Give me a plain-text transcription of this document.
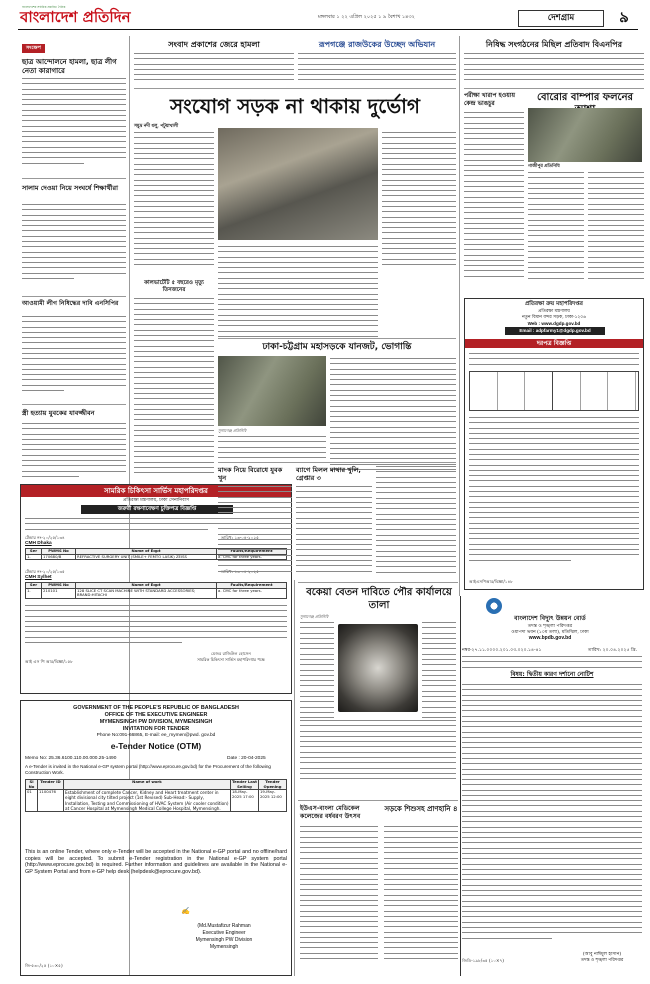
বাংলাদেশের সর্বাধিক প্রচারিত দৈনিক
বাংলাদেশ প্রতিদিন	মঙ্গলবার ১ ২২ এপ্রিল ২০২৫ ১ ৯ বৈশাখ ১৪৩২	দেশগ্রাম	৯
সংক্ষেপ
ছাত্র আন্দোলনে হামলা, ছাত্র লীগ নেতা কারাগারে
সালাম দেওয়া নিয়ে সংঘর্ষে শিক্ষার্থীরা
আওয়ামী লীগ নিষিদ্ধের দাবি এনসিপির
স্ত্রী হত্যায় যুবকের যাবজ্জীবন
সামরিক চিকিৎসা সার্ভিস মহাপরিদপ্তর
প্রতিরক্ষা মন্ত্রণালয়, ঢাকা সেনানিবাস
জরুরী রক্ষণাবেক্ষণ চুক্তিপত্র বিজ্ঞপ্তি
টেন্ডার নং-২০/২৫/১৩৪	তারিখ: ১৩-০৪-২০২৫
CMH Dhaka
Ser	PWMS No	Name of Eqpt	Faults/Requirement
1.	170680/B	REFRACTIVE SURGERY UNIT (SMILE+ FEMTO LASIK) ZEISS	a. CMC for three years.
টেন্ডার নং-২০/২৫/১৩৫	তারিখ: ১৩-০৪-২০২৫
CMH Sylhet
Ser	PWMS No	Name of Eqpt	Faults/Requirement
1.	210101	128 SLICE CT SCAN MACHINE WITH STANDARD ACCESSORIES; BRAND:HITACHI	a. CMC for three years.
মেজর রাজিউল হোসেন
সামরিক চিকিৎসা সার্ভিস মহাপরিদপ্তর পক্ষে
আই এস পি আর/বিজ্ঞা/১৫৮
GOVERNMENT OF THE PEOPLE'S REPUBLIC OF BANGLADESH
OFFICE OF THE EXECUTIVE ENGINEER
MYMENSINGH PW DIVISION, MYMENSINGH
INVITATION FOR TENDER
Phone No:091-66865, E-mail: ee_mymen@pwd. gov.bd
e-Tender Notice (OTM)
Memo No: 25.36.6100.110.00.000.25-1490	Date : 20-04-2025
A e-Tender is invited in the National e-GP system portal (http://www.eprocure.gov.bd) for the Procurement of the following Construction Work.
Sl No	Tender ID	Name of work	Tender Last Selling	Tender Opening
01	1100476	Establishment of complete Cancer, Kidney and Heart treatment center in eight divisional city tilted project (1st Revised) Sub-Head:- Supply, Installation, Testing and Commissioning of HVAC System (Air cooler condition) at Cancer Hospital at Mymensingh Medical College Hospital, Mymensingh.	18-May-2025 17:00	19-May-2025 12:00
This is an online Tender, where only e-Tender will be accepted in the National e-GP portal and no offline/hard copies will be accepted. To submit e-Tender registration in the National e-GP system portal (http://www.eprocure.gov.bd) is required. Further information and guidelines are available in the National e-GP System Portal and from e-GP help desk (helpdesk@eprocure.gov.bd).
✍
(Md.Mustafizur Rahman
Executive Engineer
Mymensingh PW Division
Mymensingh
জি-৫৩০/২৫ (১০×৫)
সংবাদ প্রকাশের জেরে হামলা	রূপগঞ্জে রাজউকের উচ্ছেদ অভিযান
সংযোগ সড়ক না থাকায় দুর্ভোগ
সমুদ্র নদী ধলু, পটুয়াখালী
কালভার্টেটি ৫ বছরেও মৃত্যু তিনজনের
ঢাকা-চট্টগ্রাম মহাসড়কে যানজট, ভোগান্তি
সুনামগঞ্জ প্রতিনিধি
মাদক নিয়ে বিরোধে যুবক খুন
ব্যাগে মিলল মাথার খুলি, গ্রেপ্তার ৩
বকেয়া বেতন দাবিতে পৌর কার্যালয়ে তালা
সুনামগঞ্জ প্রতিনিধি
ইউএস-বাংলা মেডিকেল কলেজের বর্ষবরণ উৎসব
সড়কে শিশুসহ প্রাণহানি ৪
নিষিদ্ধ সংগঠনের মিছিল প্রতিবাদ বিএনপির
পরীক্ষা খারাপ হওয়ায় কেন্দ্র ভাঙচুর
বোরোর বাম্পার ফলনের
গাজীপুর প্রতিনিধি
প্রতিরক্ষা ক্রয় মহাপরিদপ্তর
প্রতিরক্ষা মন্ত্রণালয়
নতুন বিমান বন্দর সড়ক, ঢাকা-১২০৬
Web : www.dgdp.gov.bd
Email : adpfarmy1@dgdp.gov.bd
দরপত্র বিজ্ঞপ্তি
আইএসপিআর/বিজ্ঞা/১৪৮
বাংলাদেশ বিদ্যুৎ উন্নয়ন বোর্ড
তদন্ত ও শৃঙ্খলা পরিদপ্তর
ওয়াপদা ভবন (১০ম তলা), মতিঝিল, ঢাকা
www.bpdb.gov.bd
নম্বর-২৭.১১.০০০০.২০১.০৩.০২০.১৪-৪১	তারিখ: ২০.০৪.২০২৫ খ্রি.
বিষয়: দ্বিতীয় কারণ দর্শানো নোটিশ
(আবু নাঈমুল হাসান)
তদন্ত ও শৃঙ্খলা পরিদপ্তর
জিডি-১৯৮/৩৫ (১০×৭)
